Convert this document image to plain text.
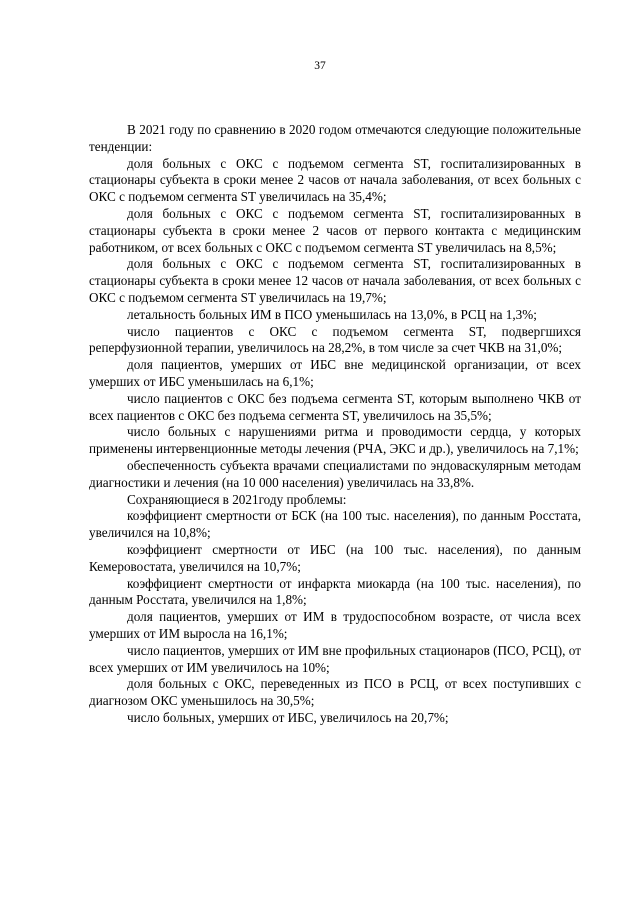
37

В 2021 году по сравнению в 2020 годом отмечаются следующие положительные тенденции:

доля больных с ОКС с подъемом сегмента ST, госпитализированных в стационары субъекта в сроки менее 2 часов от начала заболевания, от всех больных с ОКС с подъемом сегмента ST увеличилась на 35,4%;

доля больных с ОКС с подъемом сегмента ST, госпитализированных в стационары субъекта в сроки менее 2 часов от первого контакта с медицинским работником, от всех больных с ОКС с подъемом сегмента ST увеличилась на 8,5%;

доля больных с ОКС с подъемом сегмента ST, госпитализированных в стационары субъекта в сроки менее 12 часов от начала заболевания, от всех больных с ОКС с подъемом сегмента ST увеличилась на 19,7%;

летальность больных ИМ в ПСО уменьшилась на 13,0%, в РСЦ на 1,3%;

число пациентов с ОКС с подъемом сегмента ST, подвергшихся реперфузионной терапии, увеличилось на 28,2%, в том числе за счет ЧКВ на 31,0%;

доля пациентов, умерших от ИБС вне медицинской организации, от всех умерших от ИБС уменьшилась на 6,1%;

число пациентов с ОКС без подъема сегмента ST, которым выполнено ЧКВ от всех пациентов с ОКС без подъема сегмента ST, увеличилось на 35,5%;

число больных с нарушениями ритма и проводимости сердца, у которых применены интервенционные методы лечения (РЧА, ЭКС и др.), увеличилось на 7,1%;

обеспеченность субъекта врачами специалистами по эндоваскулярным методам диагностики и лечения (на 10 000 населения) увеличилась на 33,8%.

Сохраняющиеся в 2021году проблемы:

коэффициент смертности от БСК (на 100 тыс. населения), по данным Росстата, увеличился на 10,8%;

коэффициент смертности от ИБС (на 100 тыс. населения), по данным Кемеровостата, увеличился на 10,7%;

коэффициент смертности от инфаркта миокарда (на 100 тыс. населения), по данным Росстата, увеличился на 1,8%;

доля пациентов, умерших от ИМ в трудоспособном возрасте, от числа всех умерших от ИМ выросла на 16,1%;

число пациентов, умерших от ИМ вне профильных стационаров (ПСО, РСЦ), от всех умерших от ИМ увеличилось на 10%;

доля больных с ОКС, переведенных из ПСО в РСЦ, от всех поступивших с диагнозом ОКС уменьшилось на 30,5%;

число больных, умерших от ИБС, увеличилось на 20,7%;
